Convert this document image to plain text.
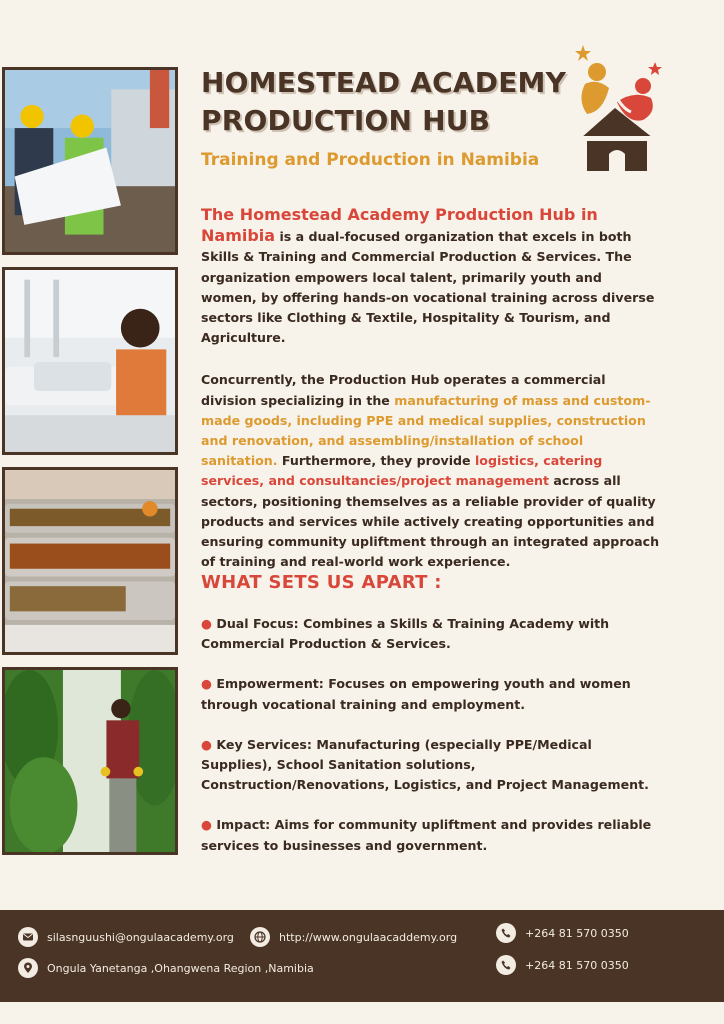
HOMESTEAD ACADEMY PRODUCTION HUB
Training and Production in Namibia

The Homestead Academy Production Hub in Namibia is a dual-focused organization that excels in both Skills & Training and Commercial Production & Services. The organization empowers local talent, primarily youth and women, by offering hands-on vocational training across diverse sectors like Clothing & Textile, Hospitality & Tourism, and Agriculture.

Concurrently, the Production Hub operates a commercial division specializing in the manufacturing of mass and custom-made goods, including PPE and medical supplies, construction and renovation, and assembling/installation of school sanitation. Furthermore, they provide logistics, catering services, and consultancies/project management across all sectors, positioning themselves as a reliable provider of quality products and services while actively creating opportunities and ensuring community upliftment through an integrated approach of training and real-world work experience.

WHAT SETS US APART :

● Dual Focus: Combines a Skills & Training Academy with Commercial Production & Services.

● Empowerment: Focuses on empowering youth and women through vocational training and employment.

● Key Services: Manufacturing (especially PPE/Medical Supplies), School Sanitation solutions, Construction/Renovations, Logistics, and Project Management.

● Impact: Aims for community upliftment and provides reliable services to businesses and government.

silasnguushi@ongulaacademy.org	http://www.ongulaacaddemy.org	+264 81 570 0350
Ongula Yanetanga ,Ohangwena Region ,Namibia	+264 81 570 0350
